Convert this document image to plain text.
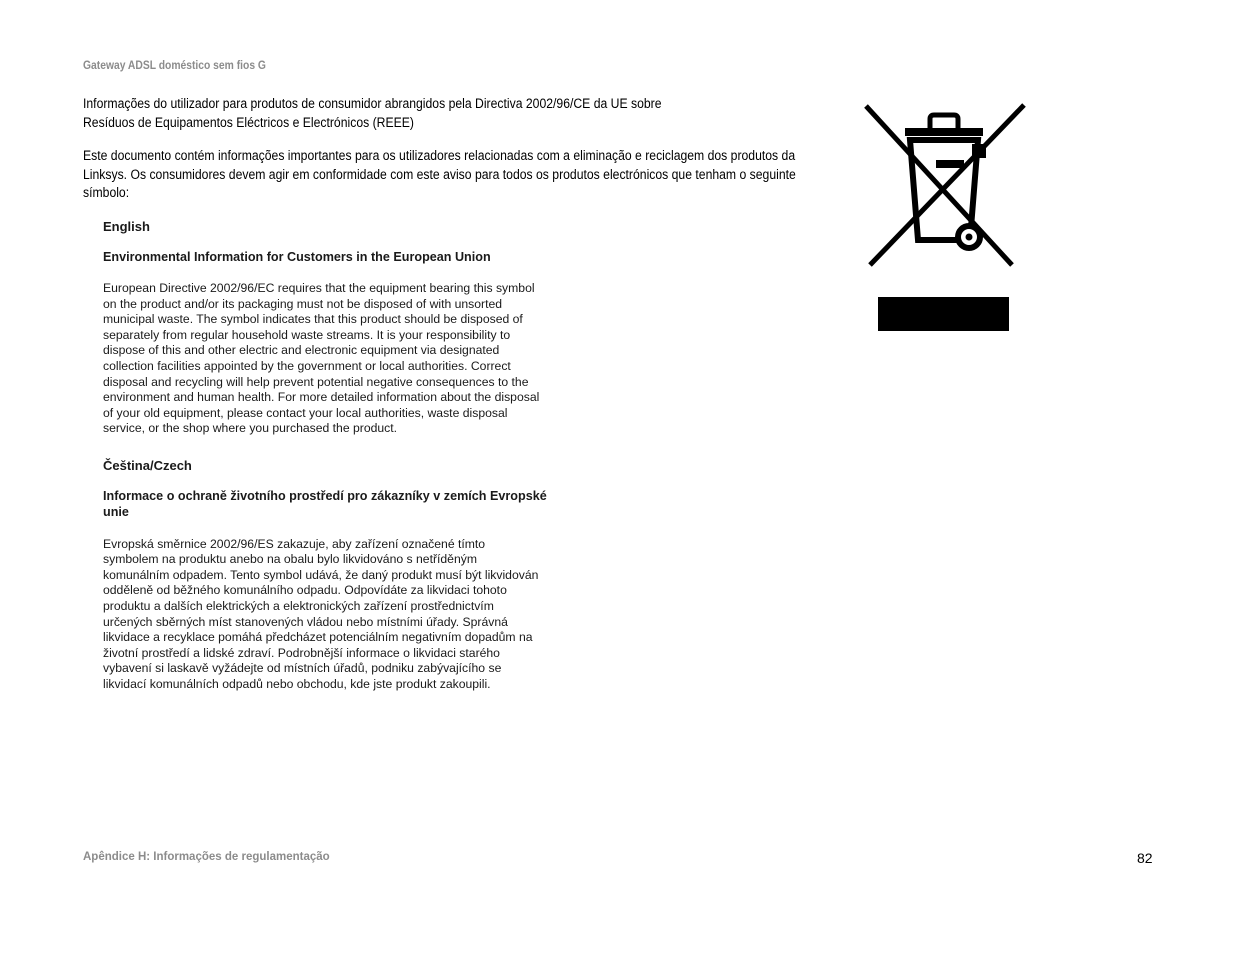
Gateway ADSL doméstico sem fios G

Informações do utilizador para produtos de consumidor abrangidos pela Directiva 2002/96/CE da UE sobre
Resíduos de Equipamentos Eléctricos e Electrónicos (REEE)

Este documento contém informações importantes para os utilizadores relacionadas com a eliminação e reciclagem dos produtos da Linksys. Os consumidores devem agir em conformidade com este aviso para todos os produtos electrónicos que tenham o seguinte símbolo:

English

Environmental Information for Customers in the European Union

European Directive 2002/96/EC requires that the equipment bearing this symbol
on the product and/or its packaging must not be disposed of with unsorted
municipal waste. The symbol indicates that this product should be disposed of
separately from regular household waste streams. It is your responsibility to
dispose of this and other electric and electronic equipment via designated
collection facilities appointed by the government or local authorities. Correct
disposal and recycling will help prevent potential negative consequences to the
environment and human health. For more detailed information about the disposal
of your old equipment, please contact your local authorities, waste disposal
service, or the shop where you purchased the product.

Čeština/Czech

Informace o ochraně životního prostředí pro zákazníky v zemích Evropské
unie

Evropská směrnice 2002/96/ES zakazuje, aby zařízení označené tímto
symbolem na produktu anebo na obalu bylo likvidováno s netříděným
komunálním odpadem. Tento symbol udává, že daný produkt musí být likvidován
odděleně od běžného komunálního odpadu. Odpovídáte za likvidaci tohoto
produktu a dalších elektrických a elektronických zařízení prostřednictvím
určených sběrných míst stanovených vládou nebo místními úřady. Správná
likvidace a recyklace pomáhá předcházet potenciálním negativním dopadům na
životní prostředí a lidské zdraví. Podrobnější informace o likvidaci starého
vybavení si laskavě vyžádejte od místních úřadů, podniku zabývajícího se
likvidací komunálních odpadů nebo obchodu, kde jste produkt zakoupili.

Apêndice H: Informações de regulamentação	82
